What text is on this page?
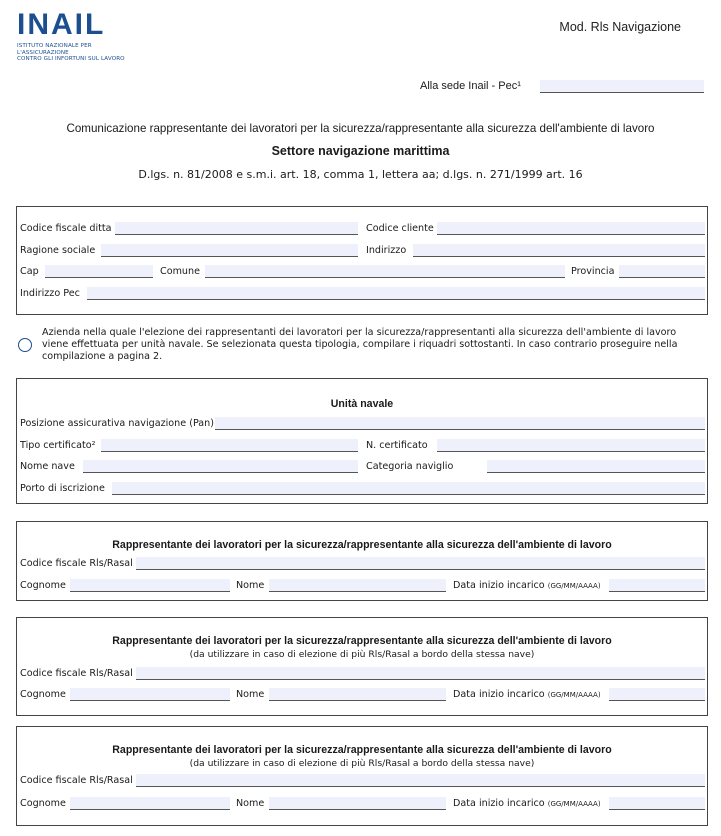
INAIL
ISTITUTO NAZIONALE PER L'ASSICURAZIONE
CONTRO GLI INFORTUNI SUL LAVORO
Mod. Rls Navigazione
Alla sede Inail - Pec¹
Comunicazione rappresentante dei lavoratori per la sicurezza/rappresentante alla sicurezza dell'ambiente di lavoro
Settore navigazione marittima
D.lgs. n. 81/2008 e s.m.i. art. 18, comma 1, lettera aa; d.lgs. n. 271/1999 art. 16
Codice fiscale ditta	Codice cliente
Ragione sociale	Indirizzo
Cap	Comune	Provincia
Indirizzo Pec
Azienda nella quale l'elezione dei rappresentanti dei lavoratori per la sicurezza/rappresentanti alla sicurezza dell'ambiente di lavoro viene effettuata per unità navale. Se selezionata questa tipologia, compilare i riquadri sottostanti. In caso contrario proseguire nella compilazione a pagina 2.
Unità navale
Posizione assicurativa navigazione (Pan)
Tipo certificato²	N. certificato
Nome nave	Categoria naviglio
Porto di iscrizione
Rappresentante dei lavoratori per la sicurezza/rappresentante alla sicurezza dell'ambiente di lavoro
Codice fiscale Rls/Rasal
Cognome	Nome	Data inizio incarico (GG/MM/AAAA)
Rappresentante dei lavoratori per la sicurezza/rappresentante alla sicurezza dell'ambiente di lavoro
(da utilizzare in caso di elezione di più Rls/Rasal a bordo della stessa nave)
Codice fiscale Rls/Rasal
Cognome	Nome	Data inizio incarico (GG/MM/AAAA)
Rappresentante dei lavoratori per la sicurezza/rappresentante alla sicurezza dell'ambiente di lavoro
(da utilizzare in caso di elezione di più Rls/Rasal a bordo della stessa nave)
Codice fiscale Rls/Rasal
Cognome	Nome	Data inizio incarico (GG/MM/AAAA)
